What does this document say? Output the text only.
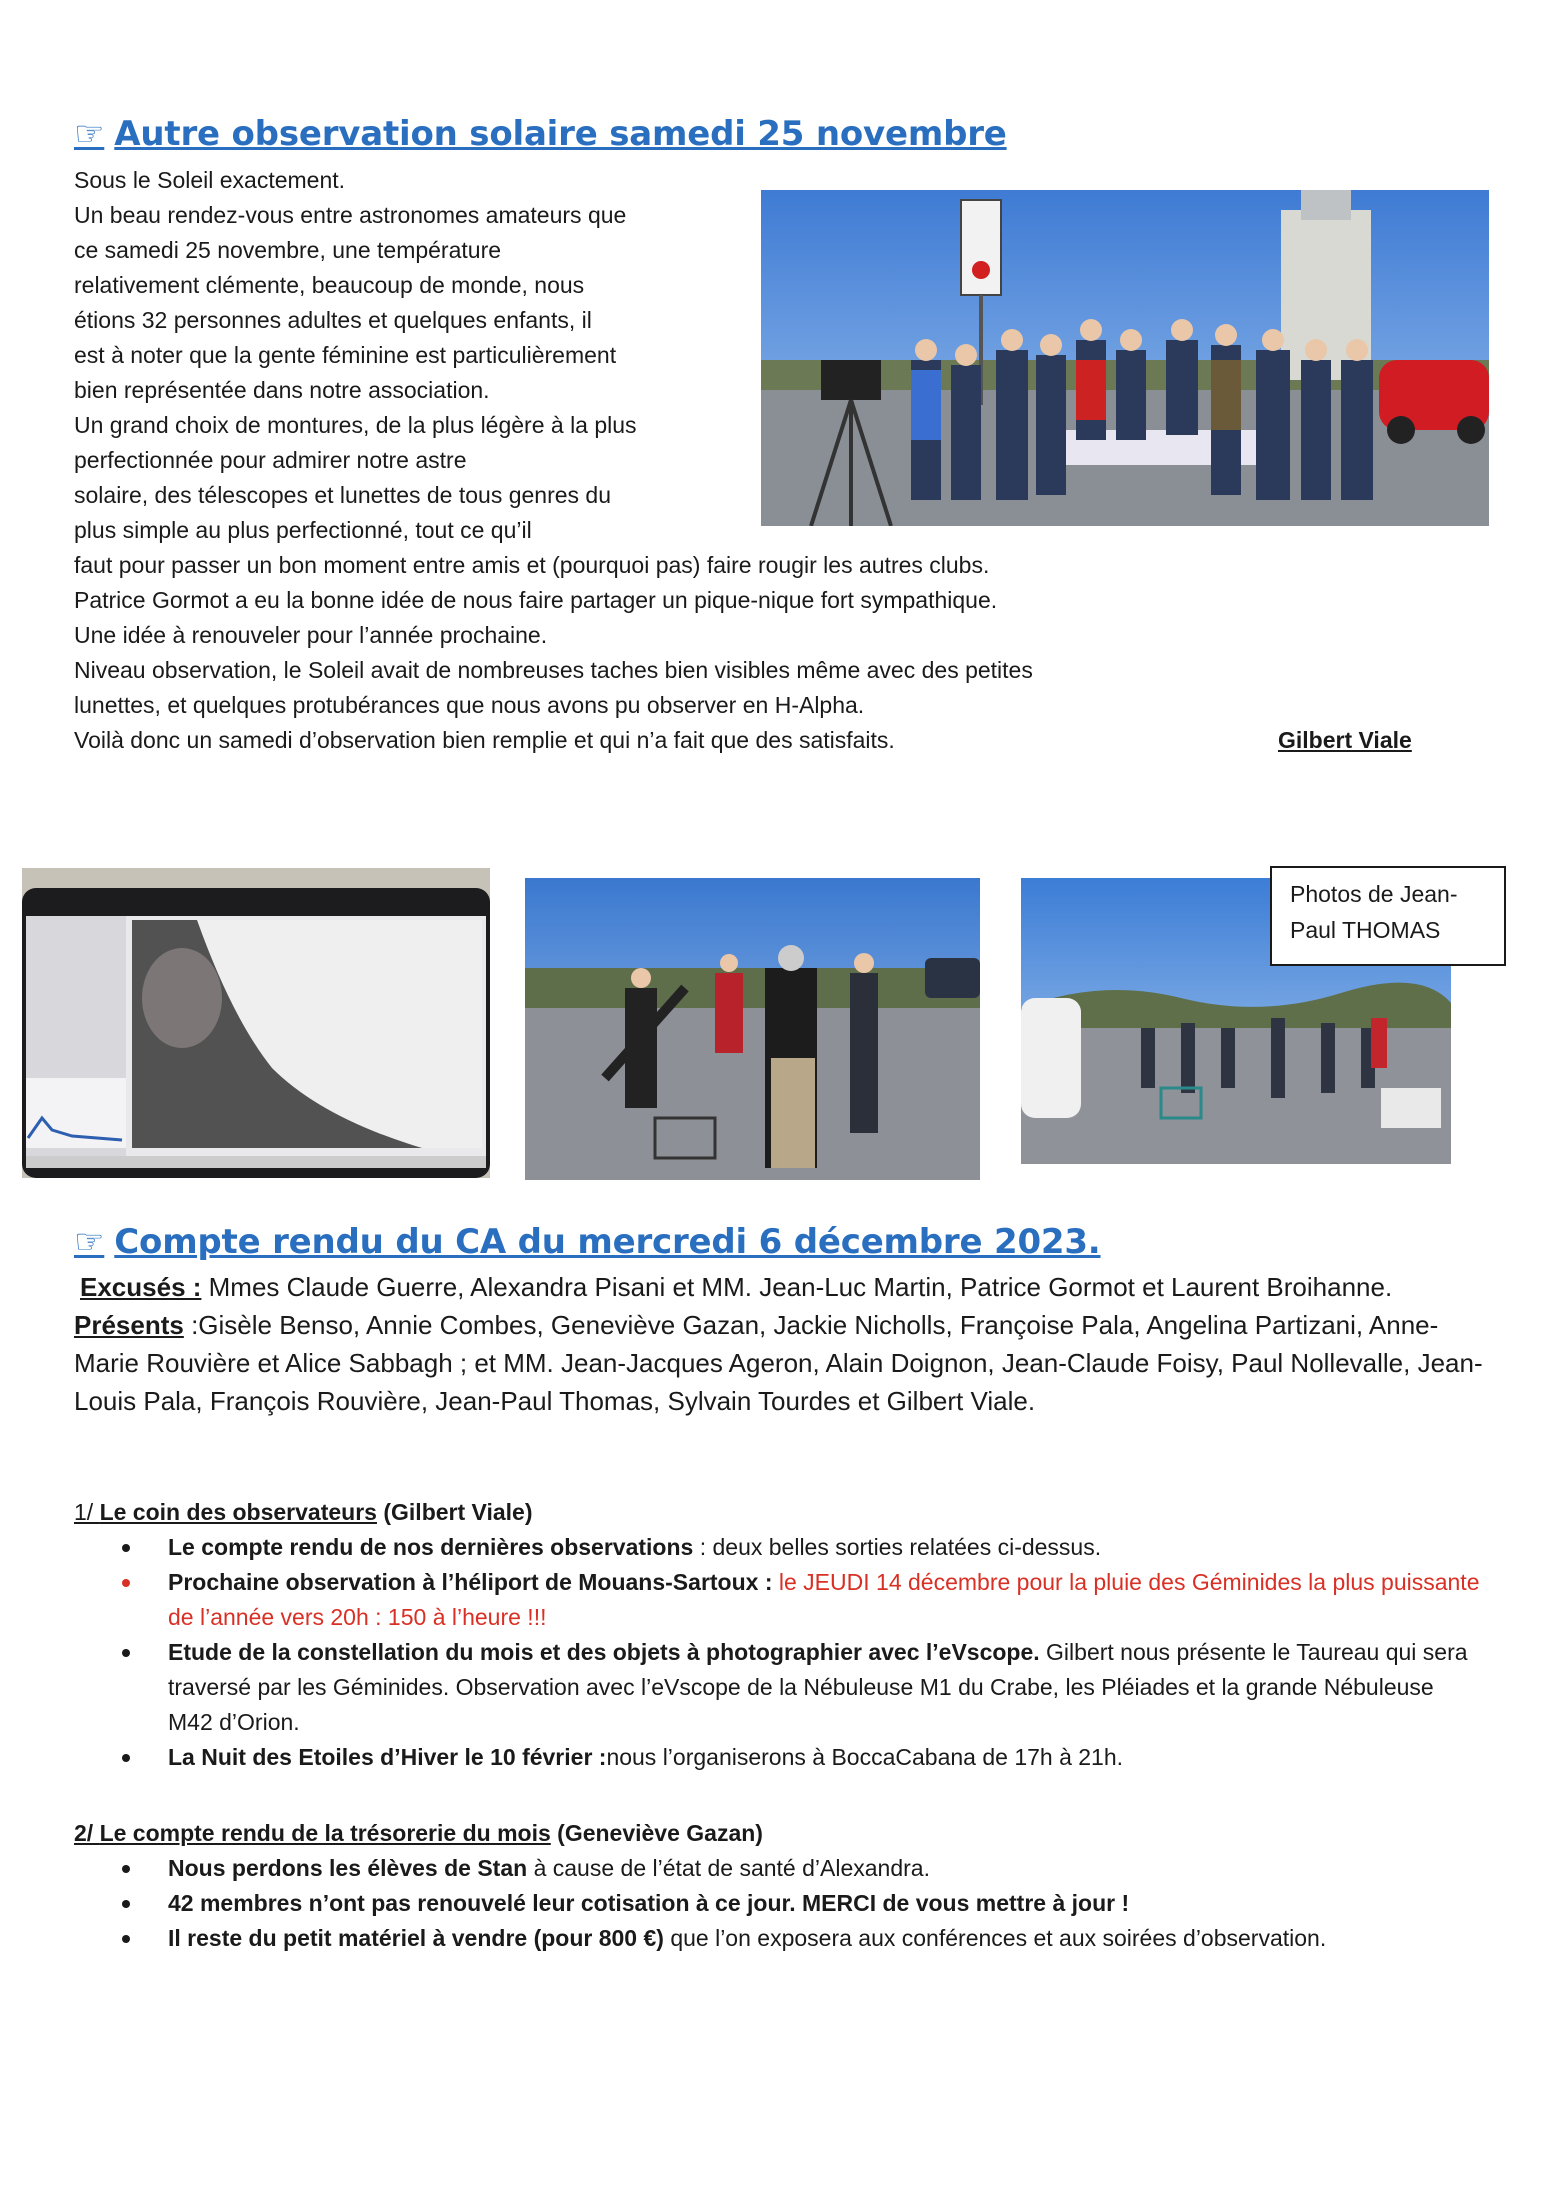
☞ Autre observation solaire samedi 25 novembre
Sous le Soleil exactement.
Un beau rendez-vous entre astronomes amateurs que
ce samedi 25 novembre, une température
relativement clémente, beaucoup de monde, nous
étions 32 personnes adultes et quelques enfants, il
est à noter que la gente féminine est particulièrement
bien représentée dans notre association.
Un grand choix de montures, de la plus légère à la plus
perfectionnée pour admirer notre astre
solaire, des télescopes et lunettes de tous genres du
plus simple au plus perfectionné, tout ce qu’il
faut pour passer un bon moment entre amis et (pourquoi pas) faire rougir les autres clubs.
Patrice Gormot a eu la bonne idée de nous faire partager un pique-nique fort sympathique.
Une idée à renouveler pour l’année prochaine.
Niveau observation, le Soleil avait de nombreuses taches bien visibles même avec des petites
lunettes, et quelques protubérances que nous avons pu observer en H-Alpha.
Voilà donc un samedi d’observation bien remplie et qui n’a fait que des satisfaits.	Gilbert Viale
Photos de Jean-Paul THOMAS
☞ Compte rendu du CA du mercredi 6 décembre 2023.

Excusés : Mmes Claude Guerre, Alexandra Pisani et MM. Jean-Luc Martin, Patrice Gormot et Laurent Broihanne.

Présents :Gisèle Benso, Annie Combes, Geneviève Gazan, Jackie Nicholls, Françoise Pala, Angelina Partizani, Anne-Marie Rouvière et Alice Sabbagh ; et MM. Jean-Jacques Ageron, Alain Doignon, Jean-Claude Foisy, Paul Nollevalle, Jean-Louis Pala, François Rouvière, Jean-Paul Thomas, Sylvain Tourdes et Gilbert Viale.

1/ Le coin des observateurs (Gilbert Viale)
Le compte rendu de nos dernières observations : deux belles sorties relatées ci-dessus.
Prochaine observation à l’héliport de Mouans-Sartoux : le JEUDI 14 décembre pour la pluie des Géminides la plus puissante de l’année vers 20h : 150 à l’heure !!!
Etude de la constellation du mois et des objets à photographier avec l’eVscope. Gilbert nous présente le Taureau qui sera traversé par les Géminides. Observation avec l’eVscope de la Nébuleuse M1 du Crabe, les Pléiades et la grande Nébuleuse M42 d’Orion.
La Nuit des Etoiles d’Hiver le 10 février :nous l’organiserons à BoccaCabana de 17h à 21h.
2/ Le compte rendu de la trésorerie du mois (Geneviève Gazan)
Nous perdons les élèves de Stan à cause de l’état de santé d’Alexandra.
42 membres n’ont pas renouvelé leur cotisation à ce jour. MERCI de vous mettre à jour !
Il reste du petit matériel à vendre (pour 800 €) que l’on exposera aux conférences et aux soirées d’observation.
